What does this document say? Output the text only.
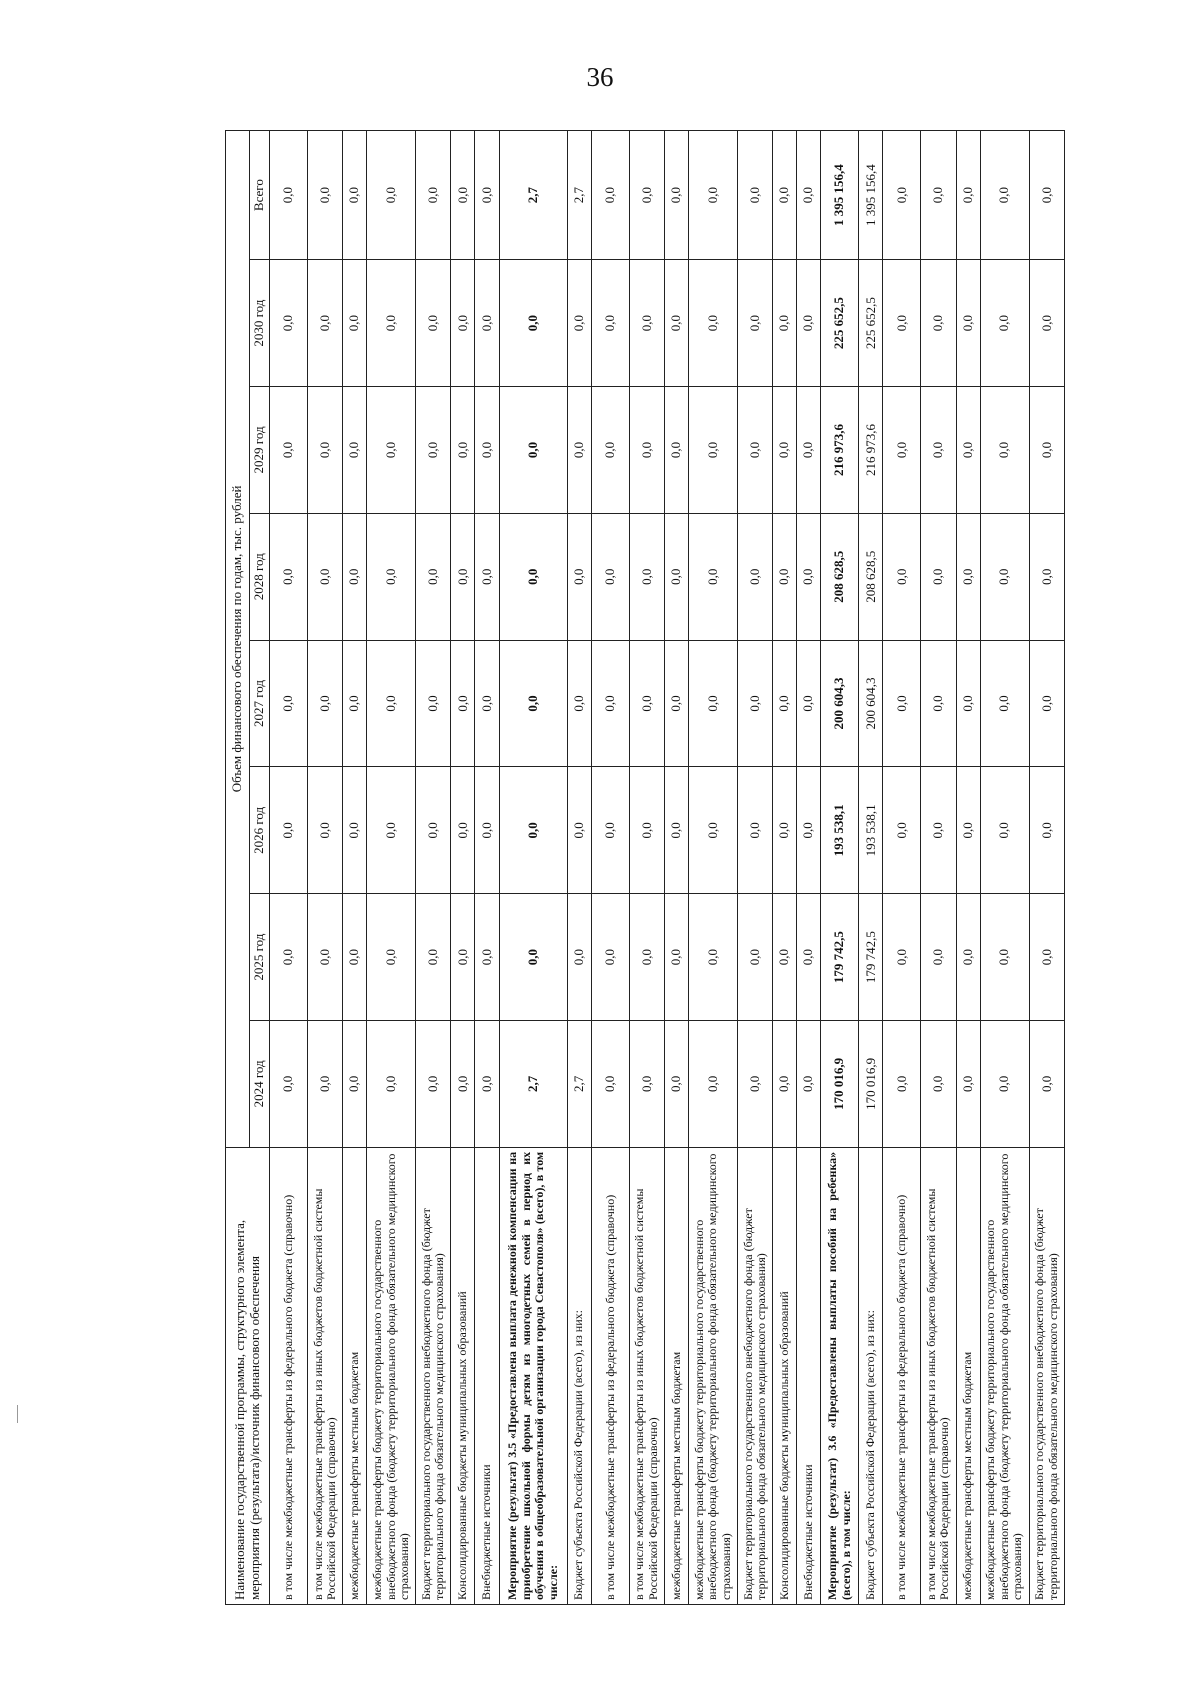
36
Наименование государственной программы, структурного элемента, мероприятия (результата)/источник финансового обеспечения	Объем финансового обеспечения по годам, тыс. рублей							
	2024 год	2025 год	2026 год	2027 год	2028 год	2029 год	2030 год	Всего
в том числе межбюджетные трансферты из федерального бюджета (справочно)	0,0	0,0	0,0	0,0	0,0	0,0	0,0	0,0
в том числе межбюджетные трансферты из иных бюджетов бюджетной системы Российской Федерации (справочно)	0,0	0,0	0,0	0,0	0,0	0,0	0,0	0,0
межбюджетные трансферты местным бюджетам	0,0	0,0	0,0	0,0	0,0	0,0	0,0	0,0
межбюджетные трансферты бюджету территориального государственного внебюджетного фонда (бюджету территориального фонда обязательного медицинского страхования)	0,0	0,0	0,0	0,0	0,0	0,0	0,0	0,0
Бюджет территориального государственного внебюджетного фонда (бюджет территориального фонда обязательного медицинского страхования)	0,0	0,0	0,0	0,0	0,0	0,0	0,0	0,0
Консолидированные бюджеты муниципальных образований	0,0	0,0	0,0	0,0	0,0	0,0	0,0	0,0
Внебюджетные источники	0,0	0,0	0,0	0,0	0,0	0,0	0,0	0,0
Мероприятие (результат) 3.5 «Предоставлена выплата денежной компенсации на приобретение школьной формы детям из многодетных семей в период их обучения в общеобразовательной организации города Севастополя» (всего), в том числе:	2,7	0,0	0,0	0,0	0,0	0,0	0,0	2,7
Бюджет субъекта Российской Федерации (всего), из них:	2,7	0,0	0,0	0,0	0,0	0,0	0,0	2,7
в том числе межбюджетные трансферты из федерального бюджета (справочно)	0,0	0,0	0,0	0,0	0,0	0,0	0,0	0,0
в том числе межбюджетные трансферты из иных бюджетов бюджетной системы Российской Федерации (справочно)	0,0	0,0	0,0	0,0	0,0	0,0	0,0	0,0
межбюджетные трансферты местным бюджетам	0,0	0,0	0,0	0,0	0,0	0,0	0,0	0,0
межбюджетные трансферты бюджету территориального государственного внебюджетного фонда (бюджету территориального фонда обязательного медицинского страхования)	0,0	0,0	0,0	0,0	0,0	0,0	0,0	0,0
Бюджет территориального государственного внебюджетного фонда (бюджет территориального фонда обязательного медицинского страхования)	0,0	0,0	0,0	0,0	0,0	0,0	0,0	0,0
Консолидированные бюджеты муниципальных образований	0,0	0,0	0,0	0,0	0,0	0,0	0,0	0,0
Внебюджетные источники	0,0	0,0	0,0	0,0	0,0	0,0	0,0	0,0
Мероприятие (результат) 3.6 «Предоставлены выплаты пособий на ребенка» (всего), в том числе:	170 016,9	179 742,5	193 538,1	200 604,3	208 628,5	216 973,6	225 652,5	1 395 156,4
Бюджет субъекта Российской Федерации (всего), из них:	170 016,9	179 742,5	193 538,1	200 604,3	208 628,5	216 973,6	225 652,5	1 395 156,4
в том числе межбюджетные трансферты из федерального бюджета (справочно)	0,0	0,0	0,0	0,0	0,0	0,0	0,0	0,0
в том числе межбюджетные трансферты из иных бюджетов бюджетной системы Российской Федерации (справочно)	0,0	0,0	0,0	0,0	0,0	0,0	0,0	0,0
межбюджетные трансферты местным бюджетам	0,0	0,0	0,0	0,0	0,0	0,0	0,0	0,0
межбюджетные трансферты бюджету территориального государственного внебюджетного фонда (бюджету территориального фонда обязательного медицинского страхования)	0,0	0,0	0,0	0,0	0,0	0,0	0,0	0,0
Бюджет территориального государственного внебюджетного фонда (бюджет территориального фонда обязательного медицинского страхования)	0,0	0,0	0,0	0,0	0,0	0,0	0,0	0,0
